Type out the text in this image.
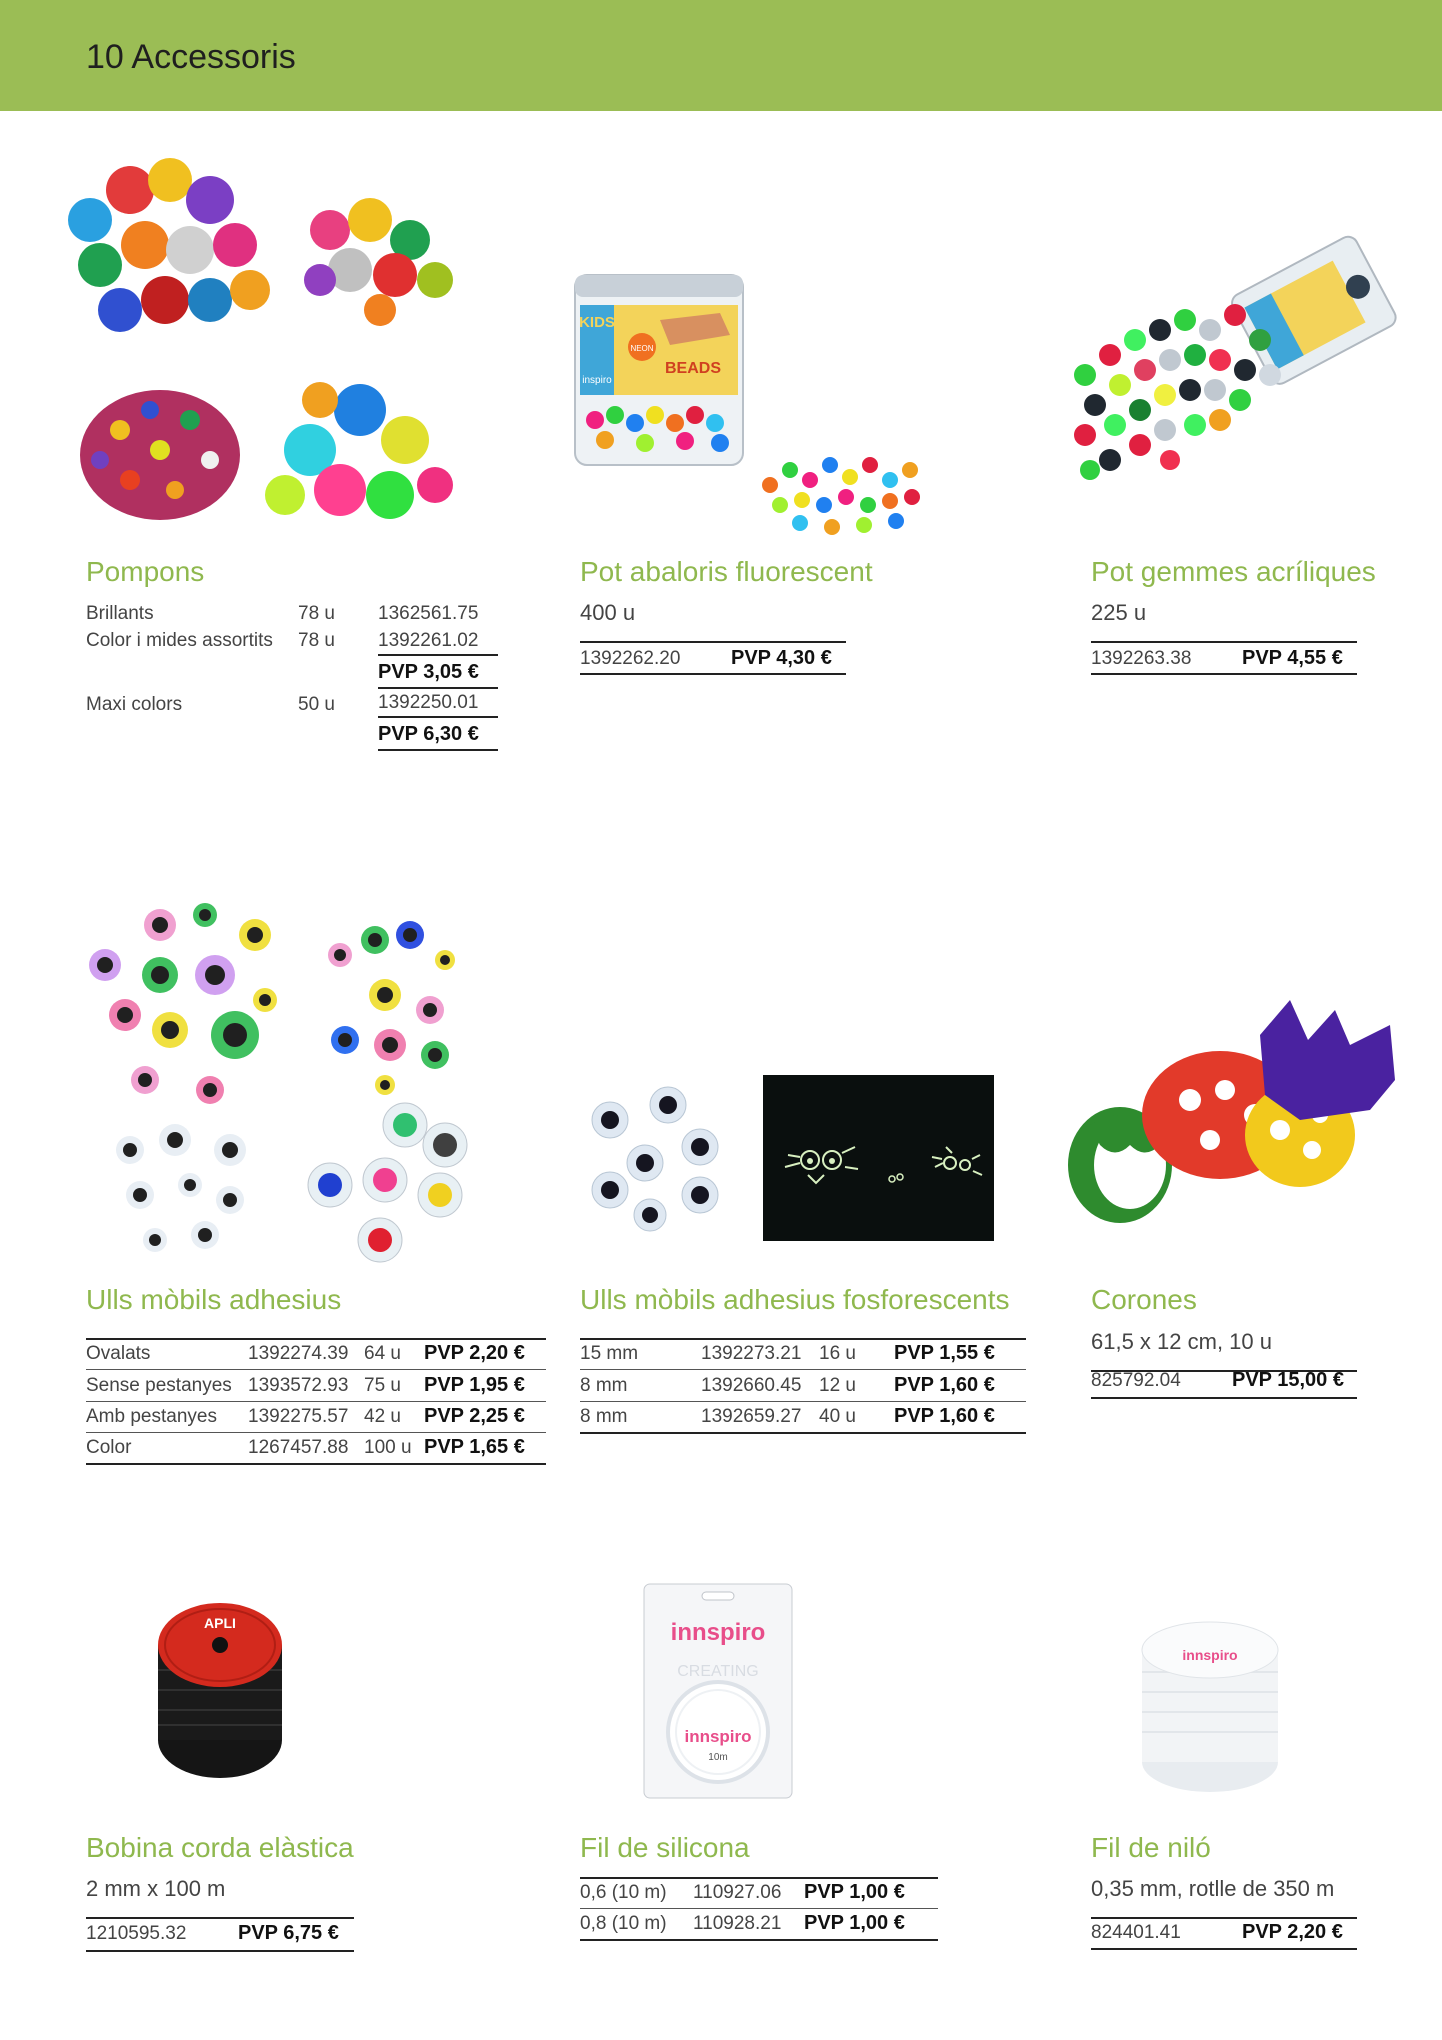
10 Accessoris
Pompons
Brillants	78 u 1362561.75
Color i mides assortits 78 u 1392261.02
PVP 3,05 €
Maxi colors	50 u 1392250.01
PVP 6,30 €
KIDS
inspiro
NEON
BEADS
Pot abaloris fluorescent
400 u
1392262.20	PVP 4,30 €
Pot gemmes acríliques
225 u
1392263.38	PVP 4,55 €
Ulls mòbils adhesius
Ovalats	1392274.39 64 u PVP 2,20 €
Sense pestanyes 1393572.93 75 u PVP 1,95 €
Amb pestanyes 1392275.57 42 u PVP 2,25 €
Color	1267457.88 100 u PVP 1,65 €
Ulls mòbils adhesius fosforescents
15 mm	1392273.21 16 u PVP 1,55 €
8 mm	1392660.45 12 u PVP 1,60 €
8 mm	1392659.27 40 u PVP 1,60 €
Corones
61,5 x 12 cm, 10 u
825792.04	PVP 15,00 €
APLI
Bobina corda elàstica
2 mm x 100 m
1210595.32	PVP 6,75 €
innspiro
CREATING
innspiro
10m
Fil de silicona
0,6 (10 m) 110927.06 PVP 1,00 €
0,8 (10 m) 110928.21 PVP 1,00 €
innspiro
Fil de niló
0,35 mm, rotlle de 350 m
824401.41	PVP 2,20 €
